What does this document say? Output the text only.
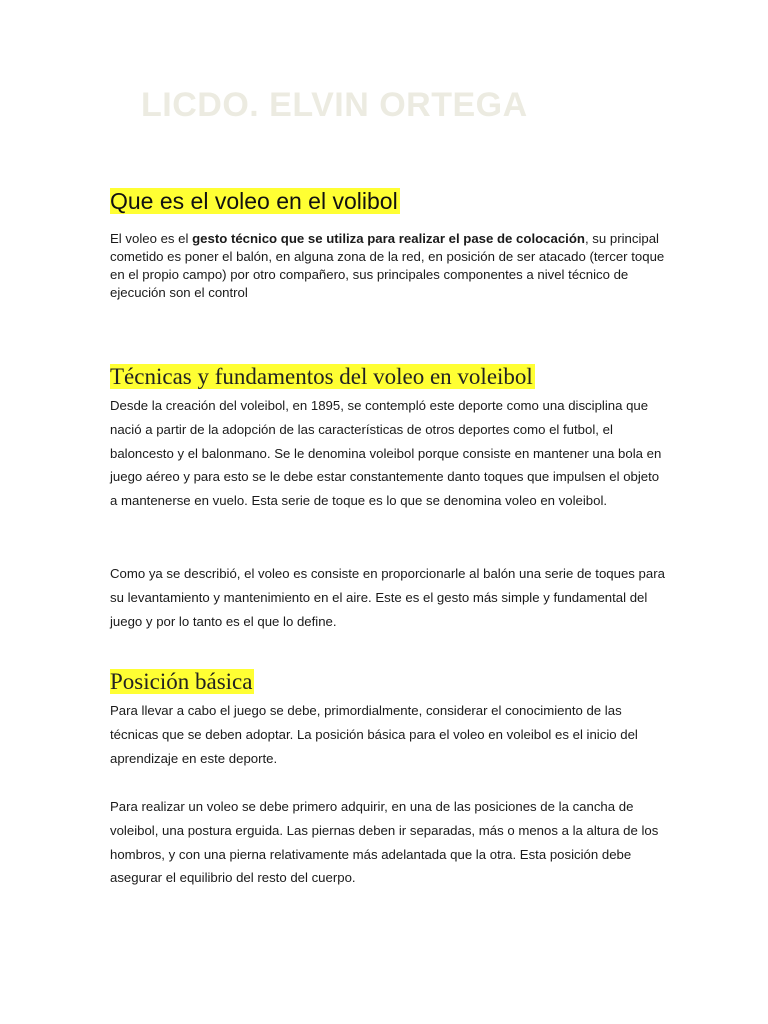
LICDO. ELVIN ORTEGA
Que es el voleo en el volibol

El voleo es el gesto técnico que se utiliza para realizar el pase de colocación, su principal cometido es poner el balón, en alguna zona de la red, en posición de ser atacado (tercer toque en el propio campo) por otro compañero, sus principales componentes a nivel técnico de ejecución son el control

Técnicas y fundamentos del voleo en voleibol

Desde la creación del voleibol, en 1895, se contempló este deporte como una disciplina que nació a partir de la adopción de las características de otros deportes como el futbol, el baloncesto y el balonmano. Se le denomina voleibol porque consiste en mantener una bola en juego aéreo y para esto se le debe estar constantemente danto toques que impulsen el objeto a mantenerse en vuelo. Esta serie de toque es lo que se denomina voleo en voleibol.

Como ya se describió, el voleo es consiste en proporcionarle al balón una serie de toques para su levantamiento y mantenimiento en el aire. Este es el gesto más simple y fundamental del juego y por lo tanto es el que lo define.

Posición básica

Para llevar a cabo el juego se debe, primordialmente, considerar el conocimiento de las técnicas que se deben adoptar. La posición básica para el voleo en voleibol es el inicio del aprendizaje en este deporte.

Para realizar un voleo se debe primero adquirir, en una de las posiciones de la cancha de voleibol, una postura erguida. Las piernas deben ir separadas, más o menos a la altura de los hombros, y con una pierna relativamente más adelantada que la otra. Esta posición debe asegurar el equilibrio del resto del cuerpo.
